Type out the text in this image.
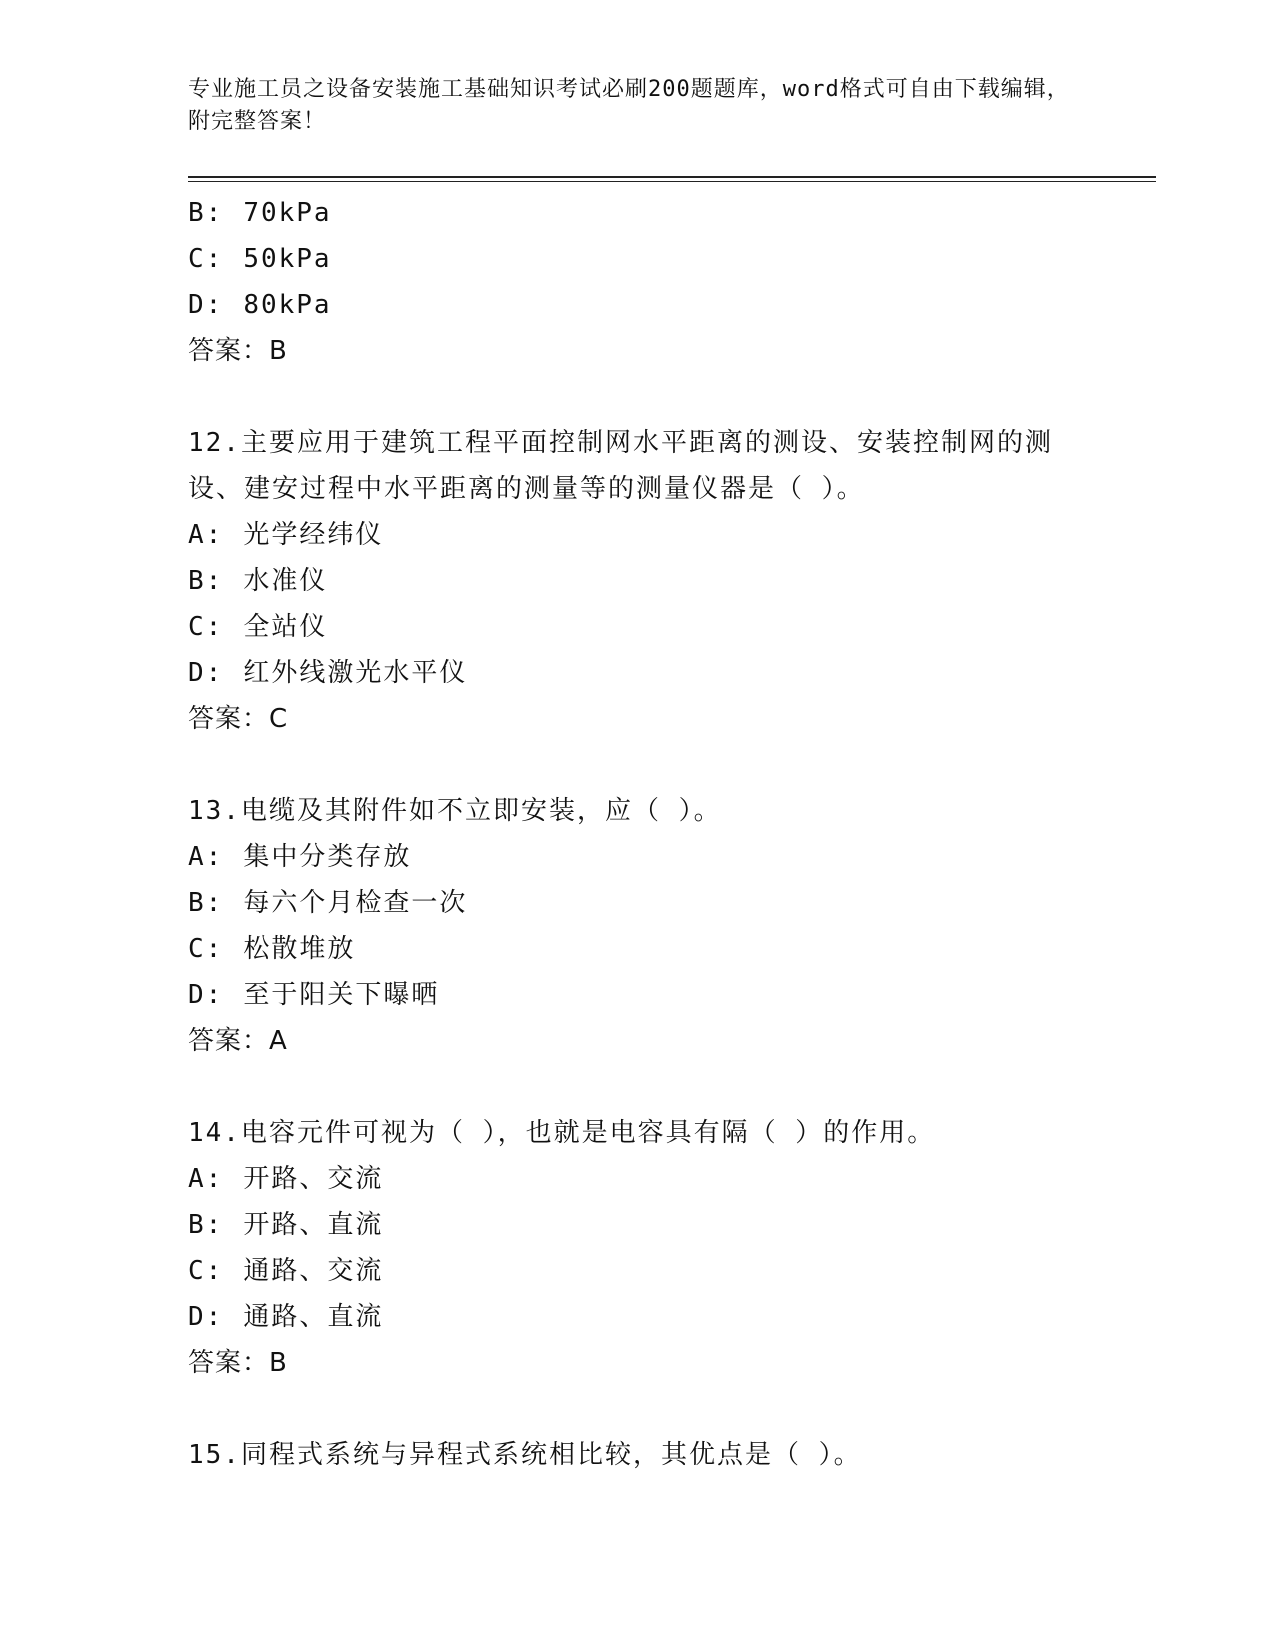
专业施工员之设备安装施工基础知识考试必刷200题题库，word格式可自由下载编辑，附完整答案！
B: 70kPa
C: 50kPa
D: 80kPa
答案：B
12.主要应用于建筑工程平面控制网水平距离的测设、安装控制网的测设、建安过程中水平距离的测量等的测量仪器是（ ）。
A: 光学经纬仪
B: 水准仪
C: 全站仪
D: 红外线激光水平仪
答案：C
13.电缆及其附件如不立即安装，应（ ）。
A: 集中分类存放
B: 每六个月检查一次
C: 松散堆放
D: 至于阳关下曝晒
答案：A
14.电容元件可视为（ ），也就是电容具有隔（ ）的作用。
A: 开路、交流
B: 开路、直流
C: 通路、交流
D: 通路、直流
答案：B
15.同程式系统与异程式系统相比较，其优点是（ ）。
